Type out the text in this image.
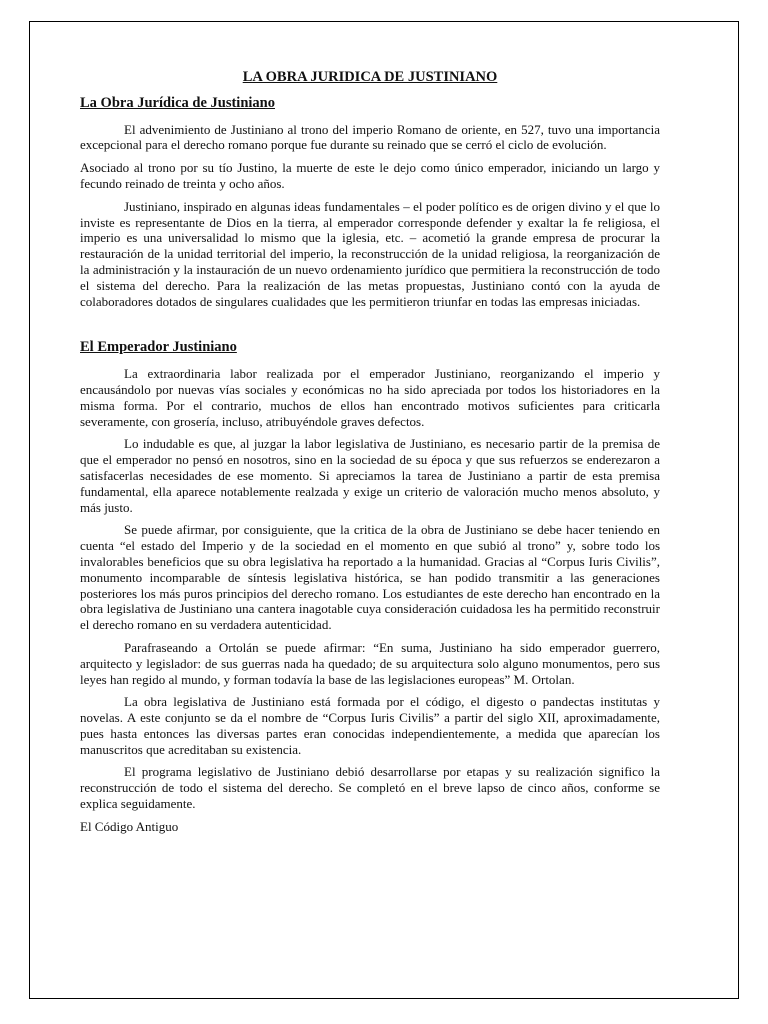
LA OBRA JURIDICA DE JUSTINIANO
La Obra Jurídica de Justiniano

El advenimiento de Justiniano al trono del imperio Romano de oriente, en 527, tuvo una importancia excepcional para el derecho romano porque fue durante su reinado que se cerró el ciclo de evolución.

Asociado al trono por su tío Justino, la muerte de este le dejo como único emperador, iniciando un largo y fecundo reinado de treinta y ocho años.

Justiniano, inspirado en algunas ideas fundamentales – el poder político es de origen divino y el que lo inviste es representante de Dios en la tierra, al emperador corresponde defender y exaltar la fe religiosa, el imperio es una universalidad lo mismo que la iglesia, etc. – acometió la grande empresa de procurar la restauración de la unidad territorial del imperio, la reconstrucción de la unidad religiosa, la reorganización de la administración y la instauración de un nuevo ordenamiento jurídico que permitiera la reconstrucción de todo el sistema del derecho. Para la realización de las metas propuestas, Justiniano contó con la ayuda de colaboradores dotados de singulares cualidades que les permitieron triunfar en todas las empresas iniciadas.

El Emperador Justiniano

La extraordinaria labor realizada por el emperador Justiniano, reorganizando el imperio y encausándolo por nuevas vías sociales y económicas no ha sido apreciada por todos los historiadores en la misma forma. Por el contrario, muchos de ellos han encontrado motivos suficientes para criticarla severamente, con grosería, incluso, atribuyéndole graves defectos.

Lo indudable es que, al juzgar la labor legislativa de Justiniano, es necesario partir de la premisa de que el emperador no pensó en nosotros, sino en la sociedad de su época y que sus refuerzos se enderezaron a satisfacerlas necesidades de ese momento. Si apreciamos la tarea de Justiniano a partir de esta premisa fundamental, ella aparece notablemente realzada y exige un criterio de valoración mucho menos absoluto, y más justo.

Se puede afirmar, por consiguiente, que la critica de la obra de Justiniano se debe hacer teniendo en cuenta “el estado del Imperio y de la sociedad en el momento en que subió al trono” y, sobre todo los invalorables beneficios que su obra legislativa ha reportado a la humanidad. Gracias al “Corpus Iuris Civilis”, monumento incomparable de síntesis legislativa histórica, se han podido transmitir a las generaciones posteriores los más puros principios del derecho romano. Los estudiantes de este derecho han encontrado en la obra legislativa de Justiniano una cantera inagotable cuya consideración cuidadosa les ha permitido reconstruir el derecho romano en su verdadera autenticidad.

Parafraseando a Ortolán se puede afirmar: “En suma, Justiniano ha sido emperador guerrero, arquitecto y legislador: de sus guerras nada ha quedado; de su arquitectura solo alguno monumentos, pero sus leyes han regido al mundo, y forman todavía la base de las legislaciones europeas” M. Ortolan.

La obra legislativa de Justiniano está formada por el código, el digesto o pandectas institutas y novelas. A este conjunto se da el nombre de “Corpus Iuris Civilis” a partir del siglo XII, aproximadamente, pues hasta entonces las diversas partes eran conocidas independientemente, a medida que aparecían los manuscritos que acreditaban su existencia.

El programa legislativo de Justiniano debió desarrollarse por etapas y su realización significo la reconstrucción de todo el sistema del derecho. Se completó en el breve lapso de cinco años, conforme se explica seguidamente.

El Código Antiguo
